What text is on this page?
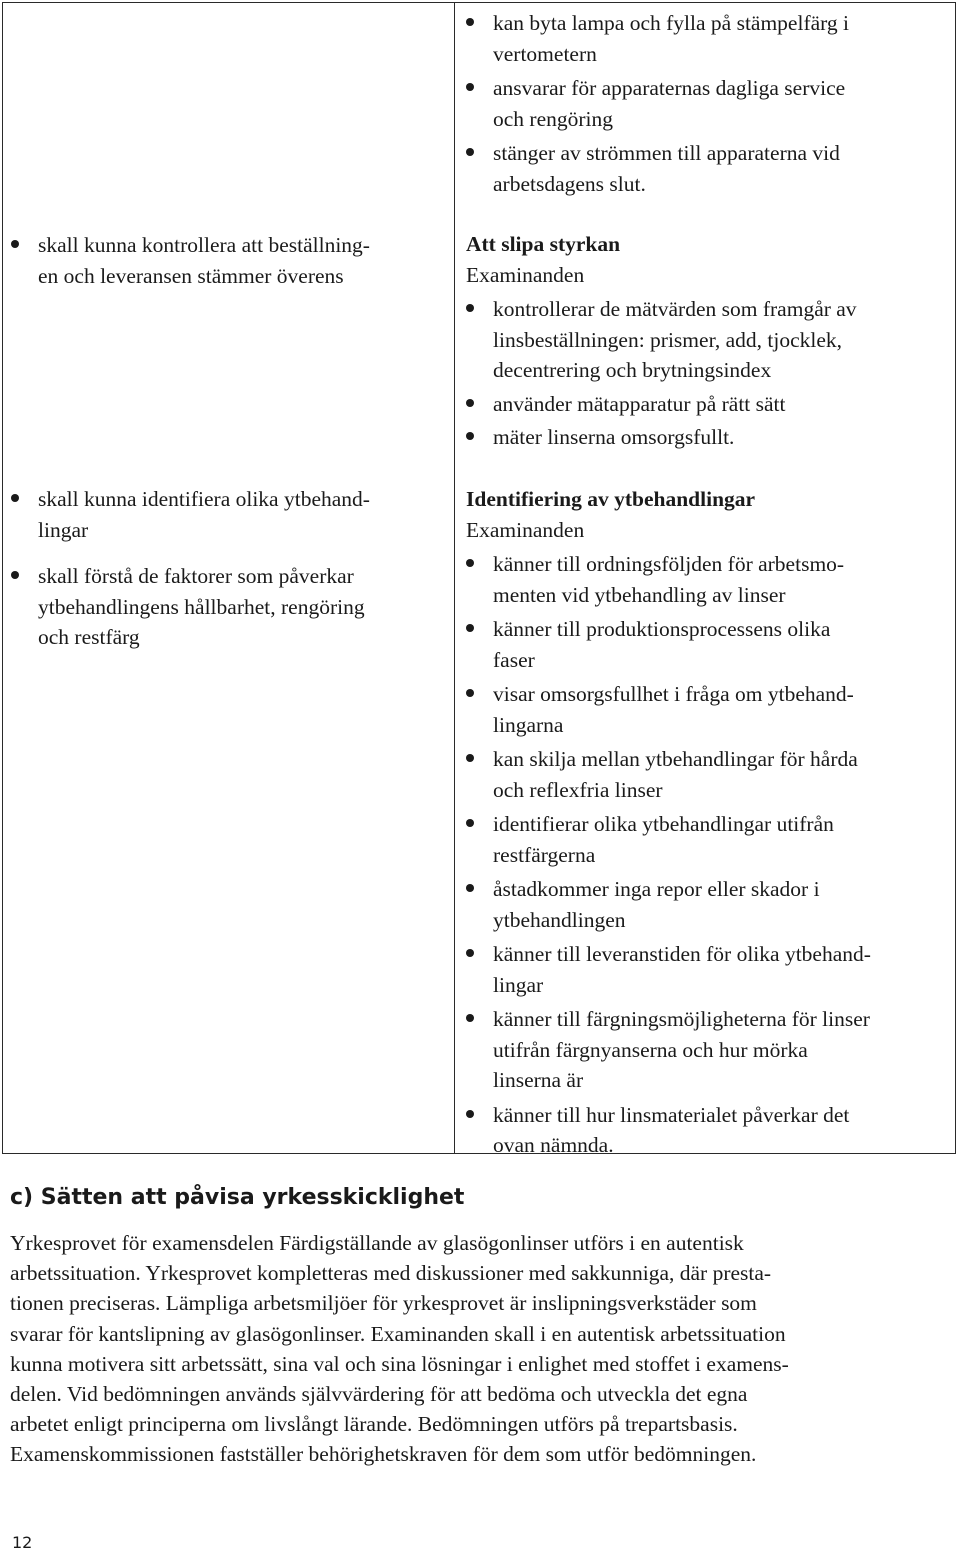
skall kunna kontrollera att beställning-
en och leveransen stämmer överens
skall kunna identifiera olika ytbehand-
lingar
skall förstå de faktorer som påverkar
ytbehandlingens hållbarhet, rengöring
och restfärg
kan byta lampa och fylla på stämpelfärg i
vertometern
ansvarar för apparaternas dagliga service
och rengöring
stänger av strömmen till apparaterna vid
arbetsdagens slut.
Att slipa styrkan
Examinanden
kontrollerar de mätvärden som framgår av
linsbeställningen: prismer, add, tjocklek,
decentrering och brytningsindex
använder mätapparatur på rätt sätt
mäter linserna omsorgsfullt.
Identifiering av ytbehandlingar
Examinanden
känner till ordningsföljden för arbetsmo-
menten vid ytbehandling av linser
känner till produktionsprocessens olika
faser
visar omsorgsfullhet i fråga om ytbehand-
lingarna
kan skilja mellan ytbehandlingar för hårda
och reflexfria linser
identifierar olika ytbehandlingar utifrån
restfärgerna
åstadkommer inga repor eller skador i
ytbehandlingen
känner till leveranstiden för olika ytbehand-
lingar
känner till färgningsmöjligheterna för linser
utifrån färgnyanserna och hur mörka
linserna är
känner till hur linsmaterialet påverkar det
ovan nämnda.
c) Sätten att påvisa yrkesskicklighet
Yrkesprovet för examensdelen Färdigställande av glasögonlinser utförs i en autentisk
arbetssituation. Yrkesprovet kompletteras med diskussioner med sakkunniga, där presta-
tionen preciseras. Lämpliga arbetsmiljöer för yrkesprovet är inslipningsverkstäder som
svarar för kantslipning av glasögonlinser. Examinanden skall i en autentisk arbetssituation
kunna motivera sitt arbetssätt, sina val och sina lösningar i enlighet med stoffet i examens-
delen. Vid bedömningen används självvärdering för att bedöma och utveckla det egna
arbetet enligt principerna om livslångt lärande. Bedömningen utförs på trepartsbasis.
Examenskommissionen fastställer behörighetskraven för dem som utför bedömningen.
12
